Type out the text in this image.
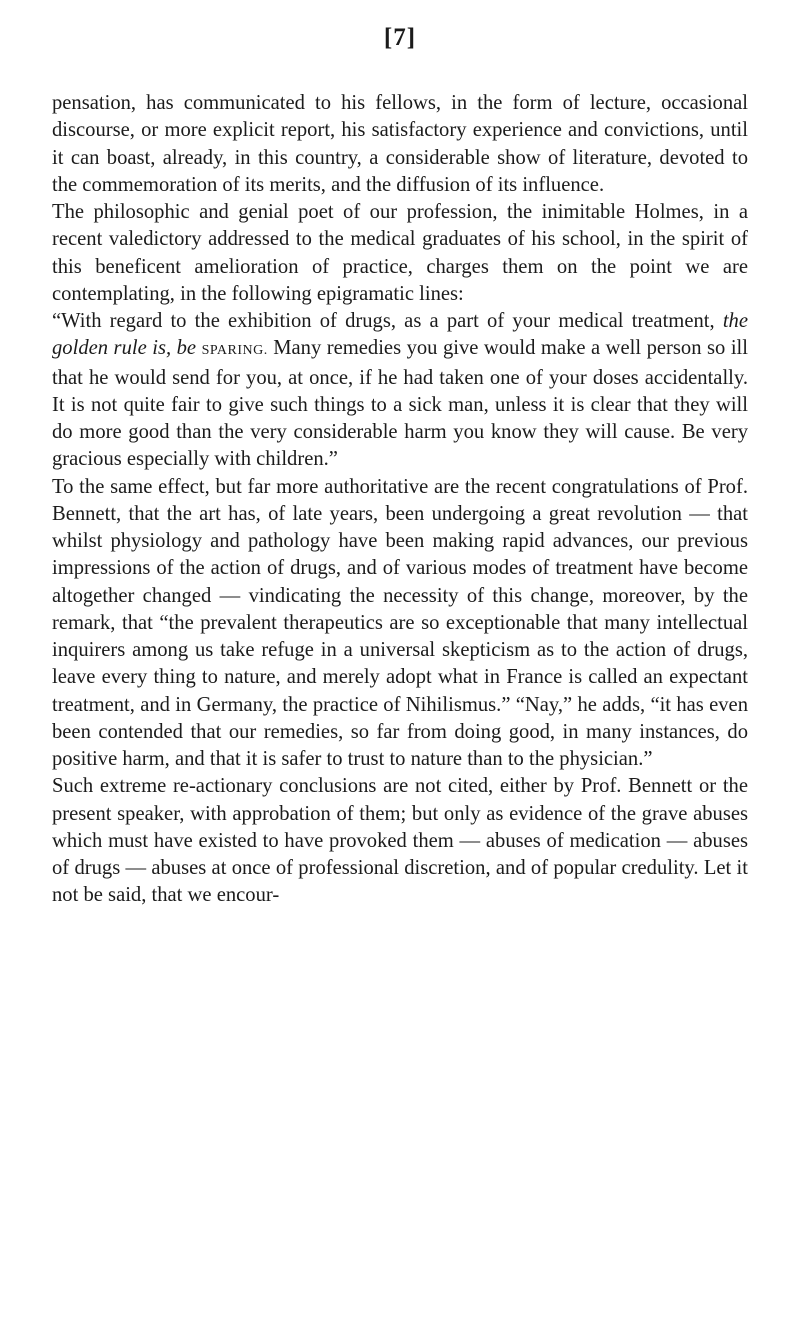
[7]

pensation, has communicated to his fellows, in the form of lecture, occasional discourse, or more explicit report, his satisfactory experience and convictions, until it can boast, already, in this country, a considerable show of literature, devoted to the commemoration of its merits, and the diffusion of its influence.

The philosophic and genial poet of our profession, the inimitable Holmes, in a recent valedictory addressed to the medical graduates of his school, in the spirit of this beneficent amelioration of practice, charges them on the point we are contemplating, in the following epigramatic lines:

“With regard to the exhibition of drugs, as a part of your medical treatment, the golden rule is, be SPARING. Many remedies you give would make a well person so ill that he would send for you, at once, if he had taken one of your doses accidentally. It is not quite fair to give such things to a sick man, unless it is clear that they will do more good than the very considerable harm you know they will cause. Be very gracious especially with children.”

To the same effect, but far more authoritative are the recent congratulations of Prof. Bennett, that the art has, of late years, been undergoing a great revolution — that whilst physiology and pathology have been making rapid advances, our previous impressions of the action of drugs, and of various modes of treatment have become altogether changed — vindicating the necessity of this change, moreover, by the remark, that “the prevalent therapeutics are so exceptionable that many intellectual inquirers among us take refuge in a universal skepticism as to the action of drugs, leave every thing to nature, and merely adopt what in France is called an expectant treatment, and in Germany, the practice of Nihilismus.” “Nay,” he adds, “it has even been contended that our remedies, so far from doing good, in many instances, do positive harm, and that it is safer to trust to nature than to the physician.”

Such extreme re-actionary conclusions are not cited, either by Prof. Bennett or the present speaker, with approbation of them; but only as evidence of the grave abuses which must have existed to have provoked them — abuses of medication — abuses of drugs — abuses at once of professional discretion, and of popular credulity. Let it not be said, that we encour-
